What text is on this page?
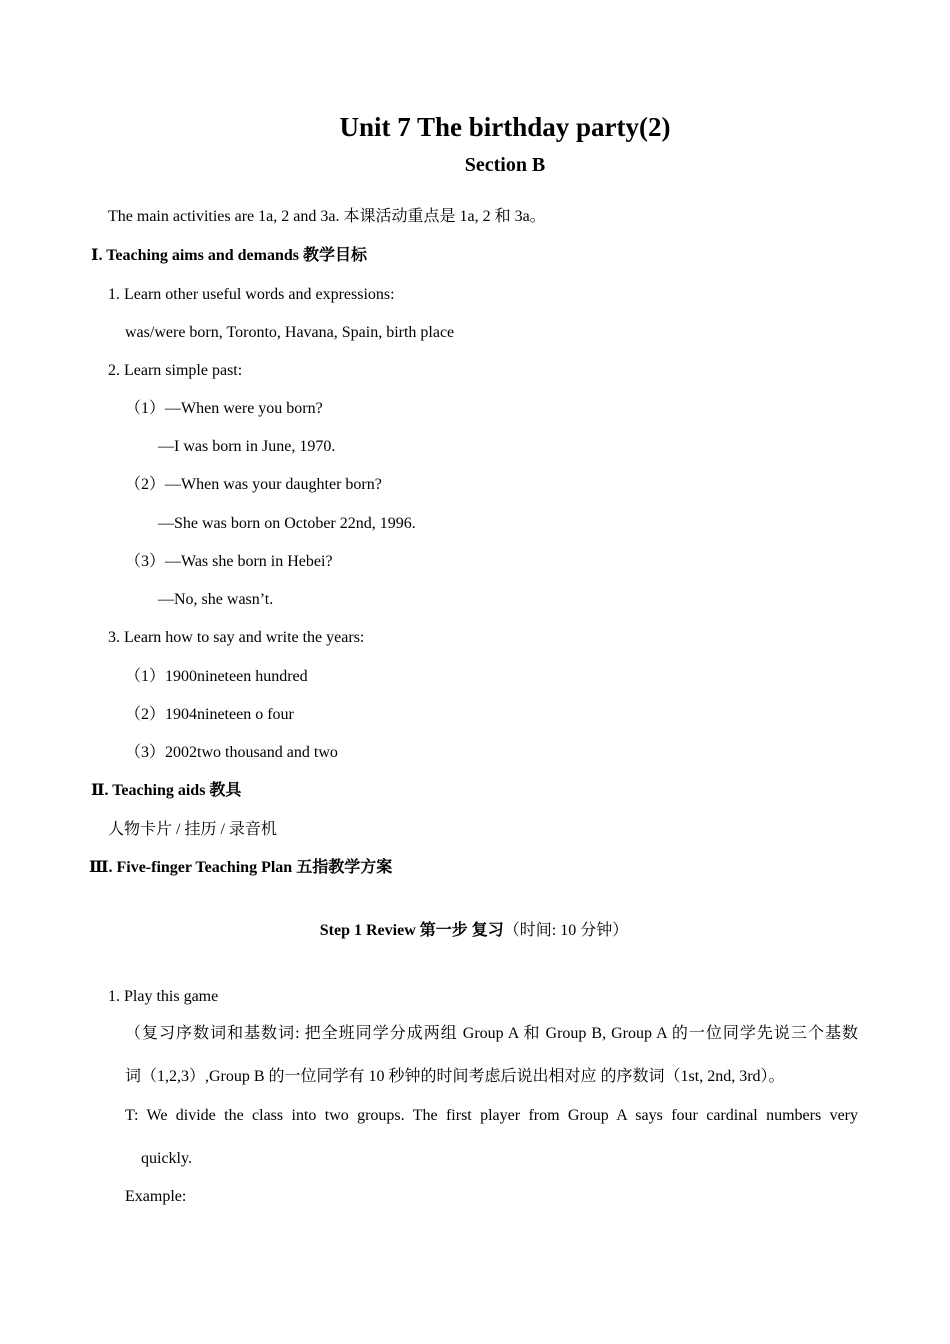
Unit 7 The birthday party(2)
Section B
The main activities are 1a, 2 and 3a. 本课活动重点是 1a, 2 和 3a。
Ⅰ. Teaching aims and demands 教学目标
1. Learn other useful words and expressions:
was/were born, Toronto, Havana, Spain, birth place
2. Learn simple past:
（1）—When were you born?
—I was born in June, 1970.
（2）—When was your daughter born?
—She was born on October 22nd, 1996.
（3）—Was she born in Hebei?
—No, she wasn’t.
3. Learn how to say and write the years:
（1）1900nineteen hundred
（2）1904nineteen o four
（3）2002two thousand and two
Ⅱ. Teaching aids 教具
人物卡片 / 挂历 / 录音机
Ⅲ. Five-finger Teaching Plan 五指教学方案
Step 1 Review 第一步 复习（时间: 10 分钟）
1. Play this game
（复习序数词和基数词: 把全班同学分成两组 Group A 和 Group B, Group A 的一位同学先说三个基数
词（1,2,3）,Group B 的一位同学有 10 秒钟的时间考虑后说出相对应 的序数词（1st, 2nd, 3rd）。
T: We divide the class into two groups. The first player from Group A says four cardinal numbers very
quickly.
Example:
